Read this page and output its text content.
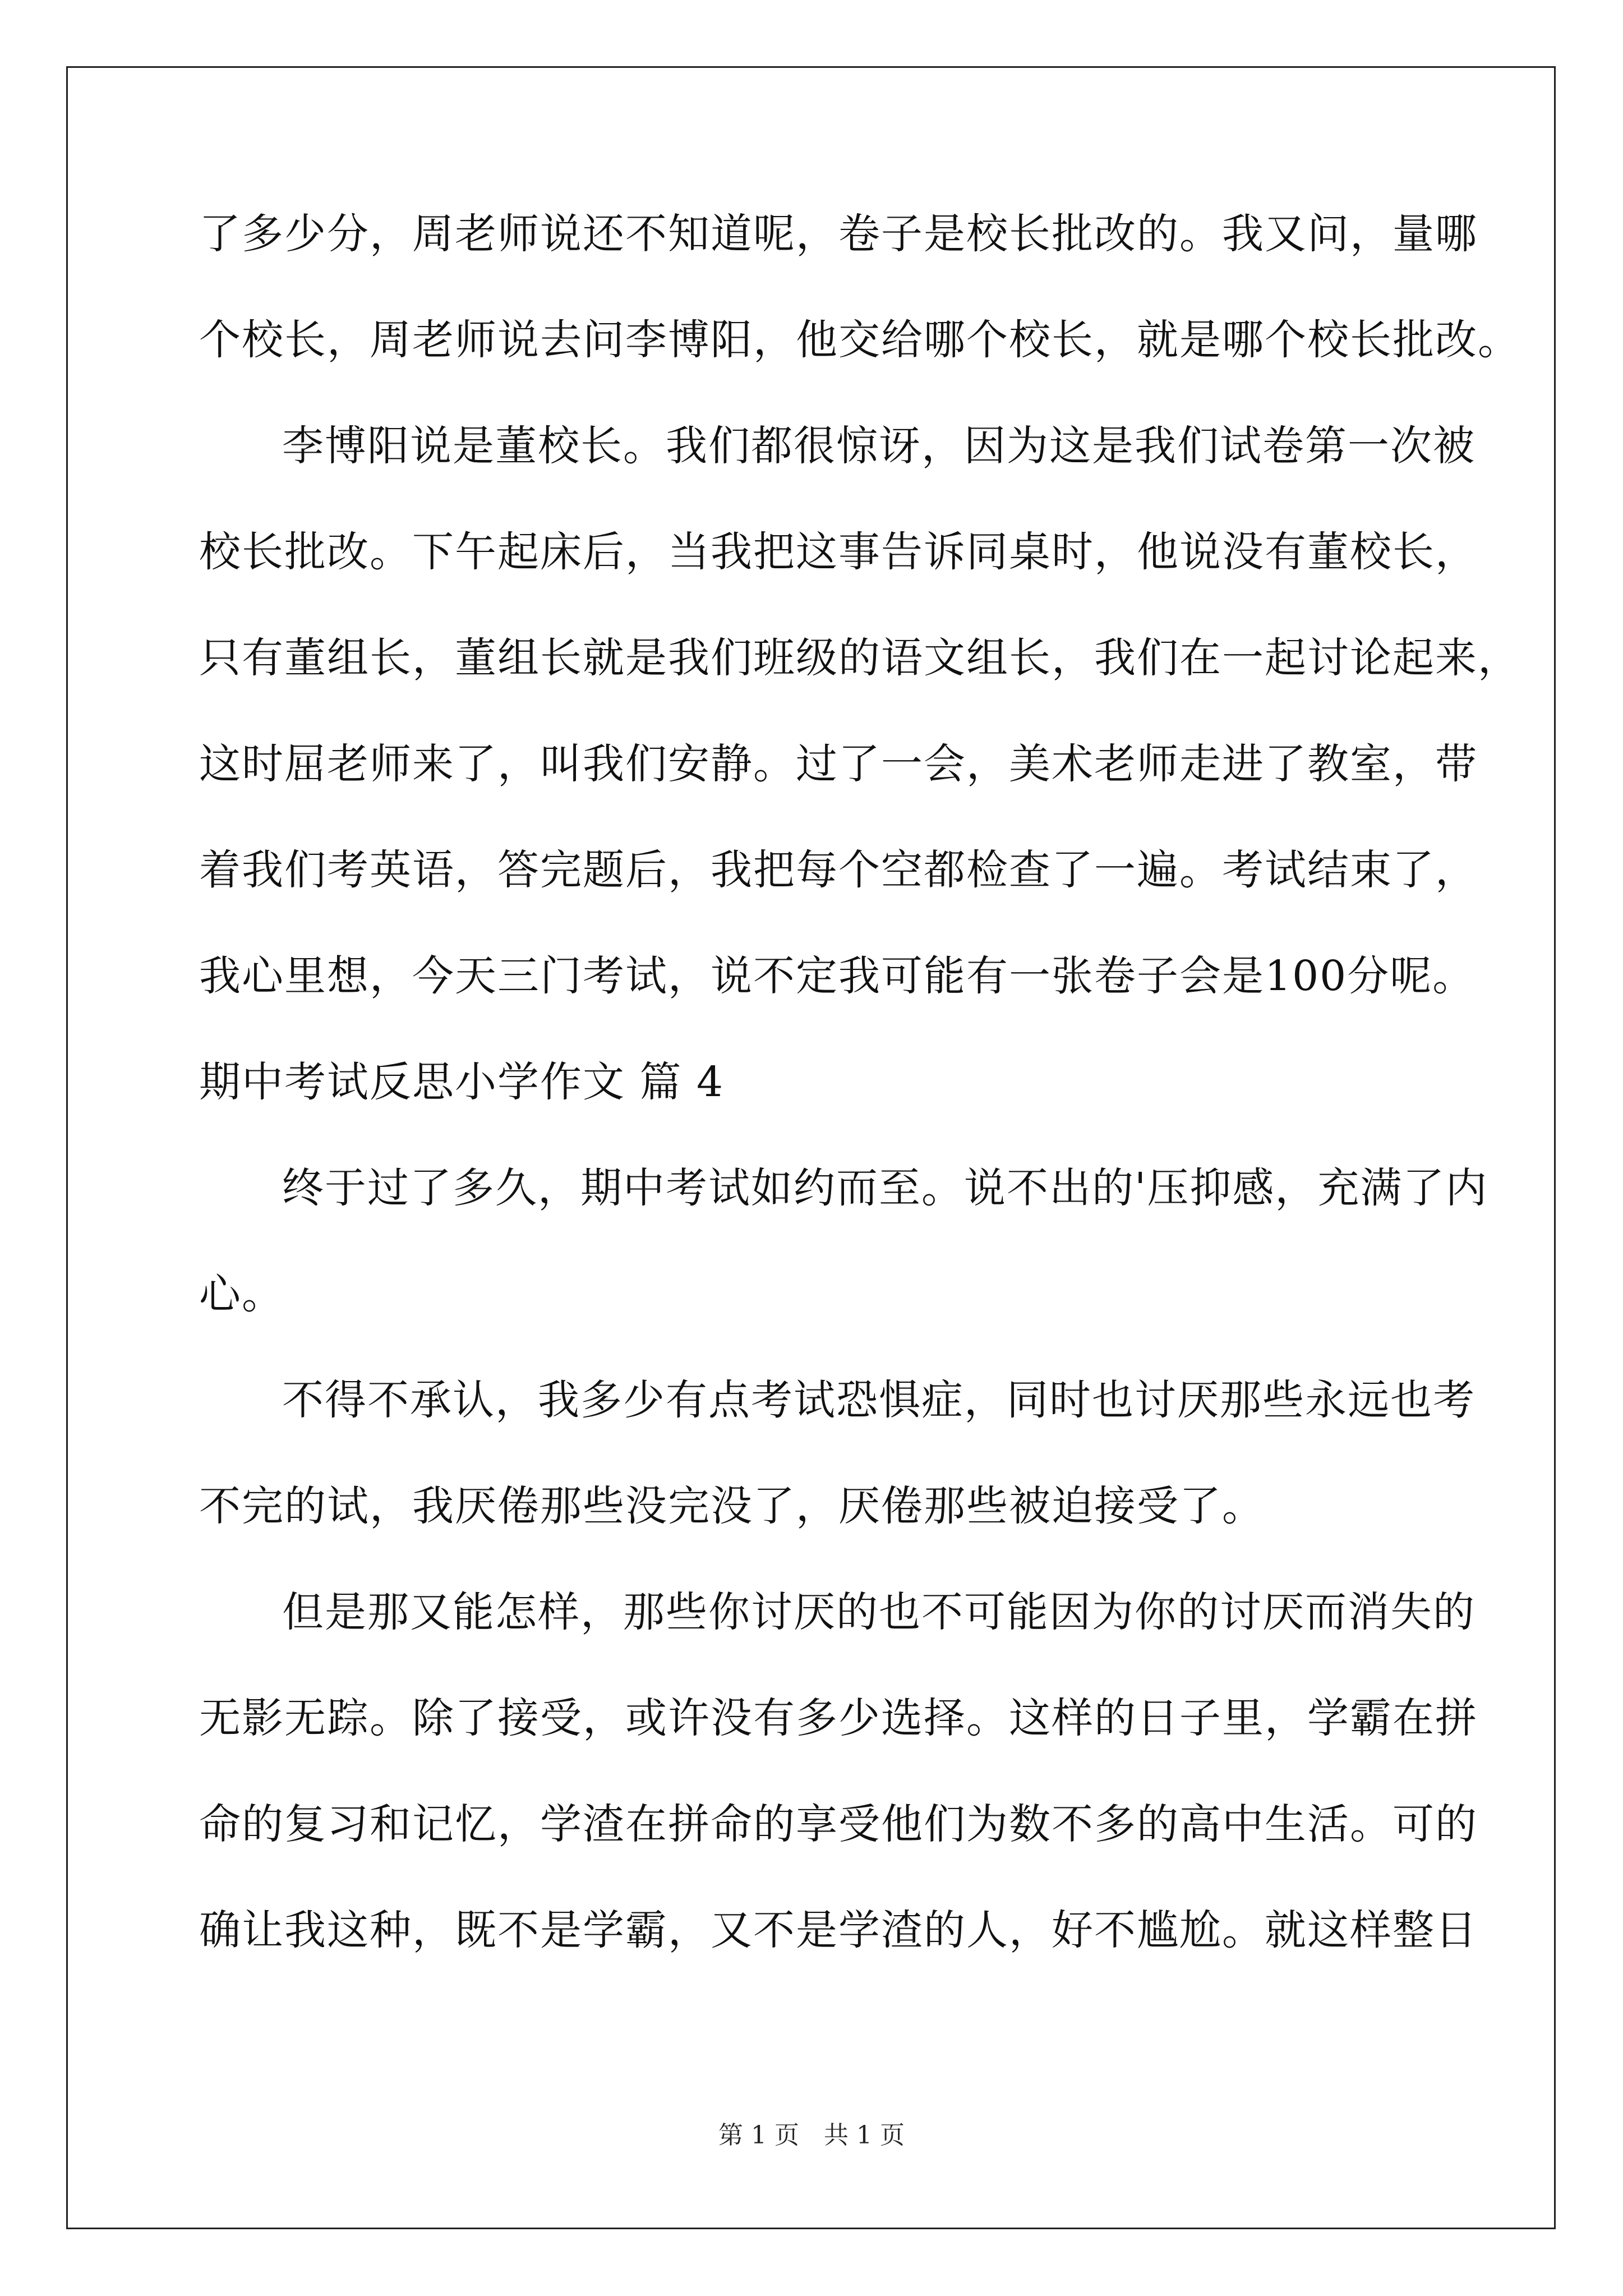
了多少分，周老师说还不知道呢，卷子是校长批改的。我又问，量哪
个校长，周老师说去问李博阳，他交给哪个校长，就是哪个校长批改。
李博阳说是董校长。我们都很惊讶，因为这是我们试卷第一次被
校长批改。下午起床后，当我把这事告诉同桌时，他说没有董校长，
只有董组长，董组长就是我们班级的语文组长，我们在一起讨论起来，
这时屈老师来了，叫我们安静。过了一会，美术老师走进了教室，带
着我们考英语，答完题后，我把每个空都检查了一遍。考试结束了，
我心里想，今天三门考试，说不定我可能有一张卷子会是100分呢。
期中考试反思小学作文 篇 4
终于过了多久，期中考试如约而至。说不出的'压抑感，充满了内
心。
不得不承认，我多少有点考试恐惧症，同时也讨厌那些永远也考
不完的试，我厌倦那些没完没了，厌倦那些被迫接受了。
但是那又能怎样，那些你讨厌的也不可能因为你的讨厌而消失的
无影无踪。除了接受，或许没有多少选择。这样的日子里，学霸在拼
命的复习和记忆，学渣在拼命的享受他们为数不多的高中生活。可的
确让我这种，既不是学霸，又不是学渣的人，好不尴尬。就这样整日
第 1 页 共 1 页
